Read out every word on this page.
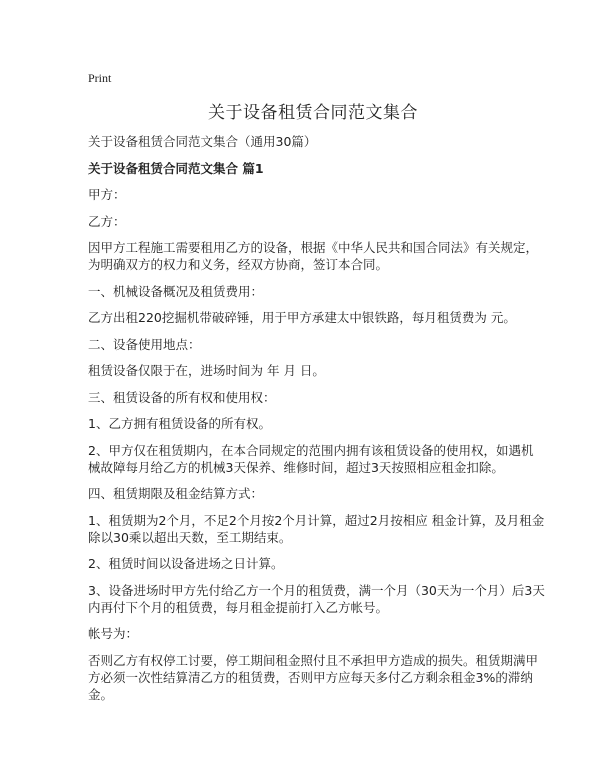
Print
关于设备租赁合同范文集合

关于设备租赁合同范文集合（通用30篇）

关于设备租赁合同范文集合 篇1

甲方：

乙方：

因甲方工程施工需要租用乙方的设备，根据《中华人民共和国合同法》有关规定，
为明确双方的权力和义务，经双方协商，签订本合同。

一、机械设备概况及租赁费用：

乙方出租220挖掘机带破碎锤，用于甲方承建太中银铁路，每月租赁费为 元。

二、设备使用地点：

租赁设备仅限于在，进场时间为 年 月 日。

三、租赁设备的所有权和使用权：

1、乙方拥有租赁设备的所有权。

2、甲方仅在租赁期内，在本合同规定的范围内拥有该租赁设备的使用权，如遇机
械故障每月给乙方的机械3天保养、维修时间，超过3天按照相应租金扣除。

四、租赁期限及租金结算方式：

1、租赁期为2个月，不足2个月按2个月计算，超过2月按相应 租金计算，及月租金
除以30乘以超出天数，至工期结束。

2、租赁时间以设备进场之日计算。

3、设备进场时甲方先付给乙方一个月的租赁费，满一个月（30天为一个月）后3天
内再付下个月的租赁费，每月租金提前打入乙方帐号。

帐号为：

否则乙方有权停工讨要，停工期间租金照付且不承担甲方造成的损失。租赁期满甲
方必须一次性结算清乙方的租赁费，否则甲方应每天多付乙方剩余租金3%的滞纳
金。
